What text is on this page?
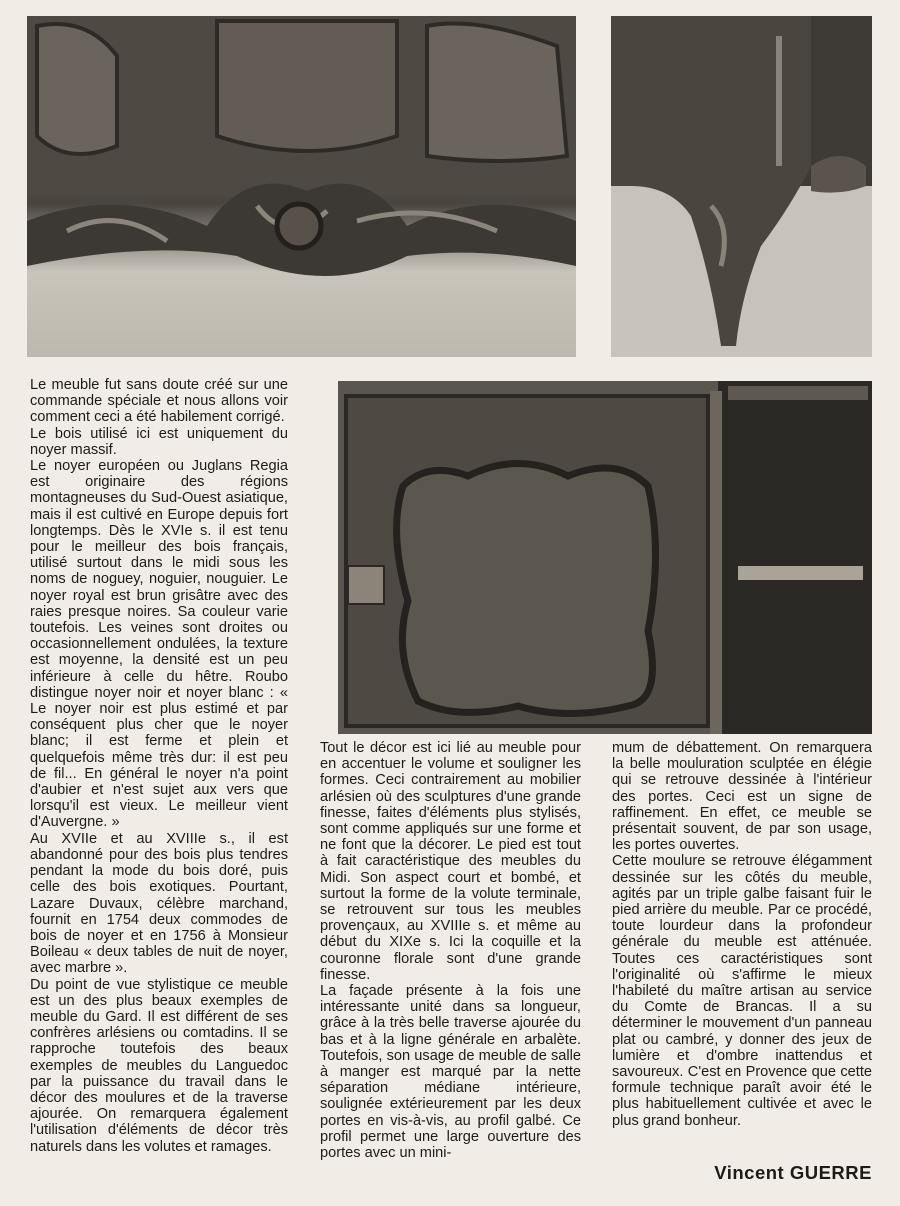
Le meuble fut sans doute créé sur une commande spéciale et nous allons voir comment ceci a été habilement corrigé.

Le bois utilisé ici est uniquement du noyer massif.

Le noyer européen ou Juglans Regia est originaire des régions montagneuses du Sud-Ouest asiatique, mais il est cultivé en Europe depuis fort longtemps. Dès le XVIe s. il est tenu pour le meilleur des bois français, utilisé surtout dans le midi sous les noms de noguey, noguier, nouguier. Le noyer royal est brun grisâtre avec des raies presque noires. Sa couleur varie toutefois. Les veines sont droites ou occasionnellement ondulées, la texture est moyenne, la densité est un peu inférieure à celle du hêtre. Roubo distingue noyer noir et noyer blanc : « Le noyer noir est plus estimé et par conséquent plus cher que le noyer blanc; il est ferme et plein et quelquefois même très dur: il est peu de fil... En général le noyer n'a point d'aubier et n'est sujet aux vers que lorsqu'il est vieux. Le meilleur vient d'Auvergne. »

Au XVIIe et au XVIIIe s., il est abandonné pour des bois plus tendres pendant la mode du bois doré, puis celle des bois exotiques. Pourtant, Lazare Duvaux, célèbre marchand, fournit en 1754 deux commodes de bois de noyer et en 1756 à Monsieur Boileau « deux tables de nuit de noyer, avec marbre ».

Du point de vue stylistique ce meuble est un des plus beaux exemples de meuble du Gard. Il est différent de ses confrères arlésiens ou comtadins. Il se rapproche toutefois des beaux exemples de meubles du Languedoc par la puissance du travail dans le décor des moulures et de la traverse ajourée. On remarquera également l'utilisation d'éléments de décor très naturels dans les volutes et ramages.

Tout le décor est ici lié au meuble pour en accentuer le volume et souligner les formes. Ceci contrairement au mobilier arlésien où des sculptures d'une grande finesse, faites d'éléments plus stylisés, sont comme appliqués sur une forme et ne font que la décorer. Le pied est tout à fait caractéristique des meubles du Midi. Son aspect court et bombé, et surtout la forme de la volute terminale, se retrouvent sur tous les meubles provençaux, au XVIIIe s. et même au début du XIXe s. Ici la coquille et la couronne florale sont d'une grande finesse.

La façade présente à la fois une intéressante unité dans sa longueur, grâce à la très belle traverse ajourée du bas et à la ligne générale en arbalète. Toutefois, son usage de meuble de salle à manger est marqué par la nette séparation médiane intérieure, soulignée extérieurement par les deux portes en vis-à-vis, au profil galbé. Ce profil permet une large ouverture des portes avec un mini-

mum de débattement. On remarquera la belle mouluration sculptée en élégie qui se retrouve dessinée à l'intérieur des portes. Ceci est un signe de raffinement. En effet, ce meuble se présentait souvent, de par son usage, les portes ouvertes.

Cette moulure se retrouve élégamment dessinée sur les côtés du meuble, agités par un triple galbe faisant fuir le pied arrière du meuble. Par ce procédé, toute lourdeur dans la profondeur générale du meuble est atténuée. Toutes ces caractéristiques sont l'originalité où s'affirme le mieux l'habileté du maître artisan au service du Comte de Brancas. Il a su déterminer le mouvement d'un panneau plat ou cambré, y donner des jeux de lumière et d'ombre inattendus et savoureux. C'est en Provence que cette formule technique paraît avoir été le plus habituellement cultivée et avec le plus grand bonheur.

Vincent GUERRE
